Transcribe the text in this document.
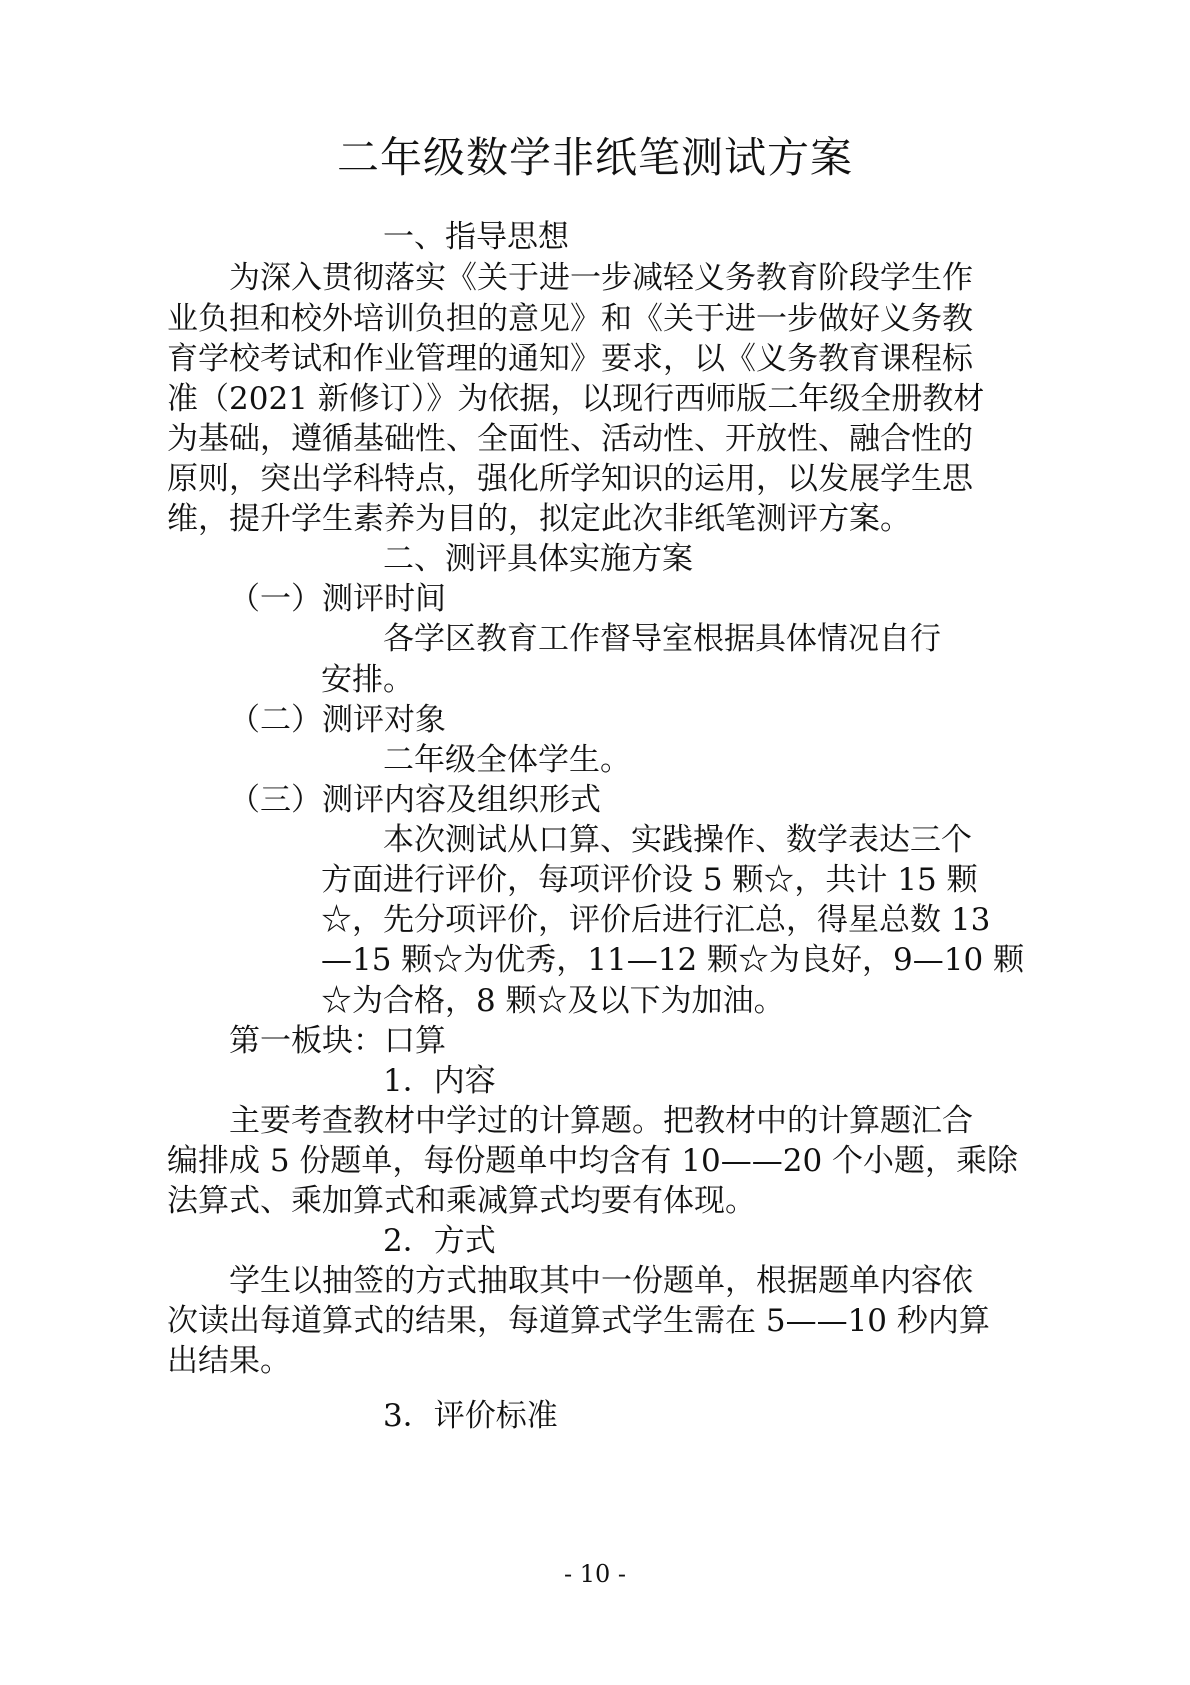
二年级数学非纸笔测试方案
一、指导思想
为深入贯彻落实《关于进一步减轻义务教育阶段学生作
业负担和校外培训负担的意见》和《关于进一步做好义务教
育学校考试和作业管理的通知》要求，以《义务教育课程标
准（2021 新修订）》为依据，以现行西师版二年级全册教材
为基础，遵循基础性、全面性、活动性、开放性、融合性的
原则，突出学科特点，强化所学知识的运用，以发展学生思
维，提升学生素养为目的，拟定此次非纸笔测评方案。
二、测评具体实施方案
（一）测评时间
各学区教育工作督导室根据具体情况自行
安排。
（二）测评对象
二年级全体学生。
（三）测评内容及组织形式
本次测试从口算、实践操作、数学表达三个
方面进行评价，每项评价设 5 颗☆，共计 15 颗
☆，先分项评价，评价后进行汇总，得星总数 13
—15 颗☆为优秀，11—12 颗☆为良好，9—10 颗
☆为合格，8 颗☆及以下为加油。
第一板块：口算
1．内容
主要考查教材中学过的计算题。把教材中的计算题汇合
编排成 5 份题单，每份题单中均含有 10——20 个小题，乘除
法算式、乘加算式和乘减算式均要有体现。
2．方式
学生以抽签的方式抽取其中一份题单，根据题单内容依
次读出每道算式的结果，每道算式学生需在 5——10 秒内算
出结果。
3．评价标准
- 10 -
